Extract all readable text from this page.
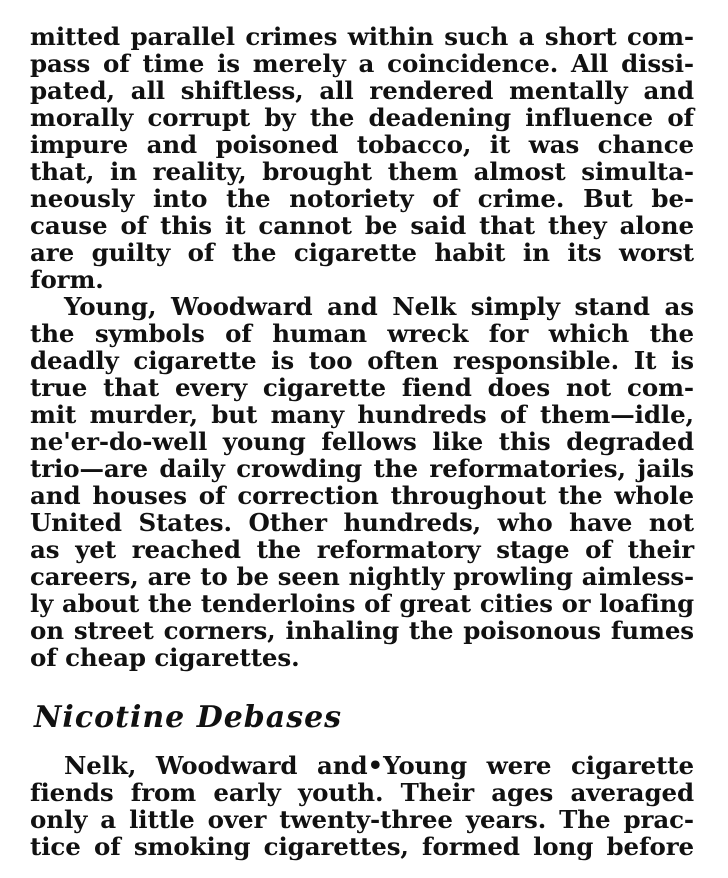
mitted parallel crimes within such a short com-
pass of time is merely a coincidence. All dissi-
pated, all shiftless, all rendered mentally and
morally corrupt by the deadening influence of
impure and poisoned tobacco, it was chance
that, in reality, brought them almost simulta-
neously into the notoriety of crime. But be-
cause of this it cannot be said that they alone
are guilty of the cigarette habit in its worst
form.
Young, Woodward and Nelk simply stand as
the symbols of human wreck for which the
deadly cigarette is too often responsible. It is
true that every cigarette fiend does not com-
mit murder, but many hundreds of them—idle,
ne'er-do-well young fellows like this degraded
trio—are daily crowding the reformatories, jails
and houses of correction throughout the whole
United States. Other hundreds, who have not
as yet reached the reformatory stage of their
careers, are to be seen nightly prowling aimless-
ly about the tenderloins of great cities or loafing
on street corners, inhaling the poisonous fumes
of cheap cigarettes.
Nicotine Debases
Nelk, Woodward and•Young were cigarette
fiends from early youth. Their ages averaged
only a little over twenty-three years. The prac-
tice of smoking cigarettes, formed long before
